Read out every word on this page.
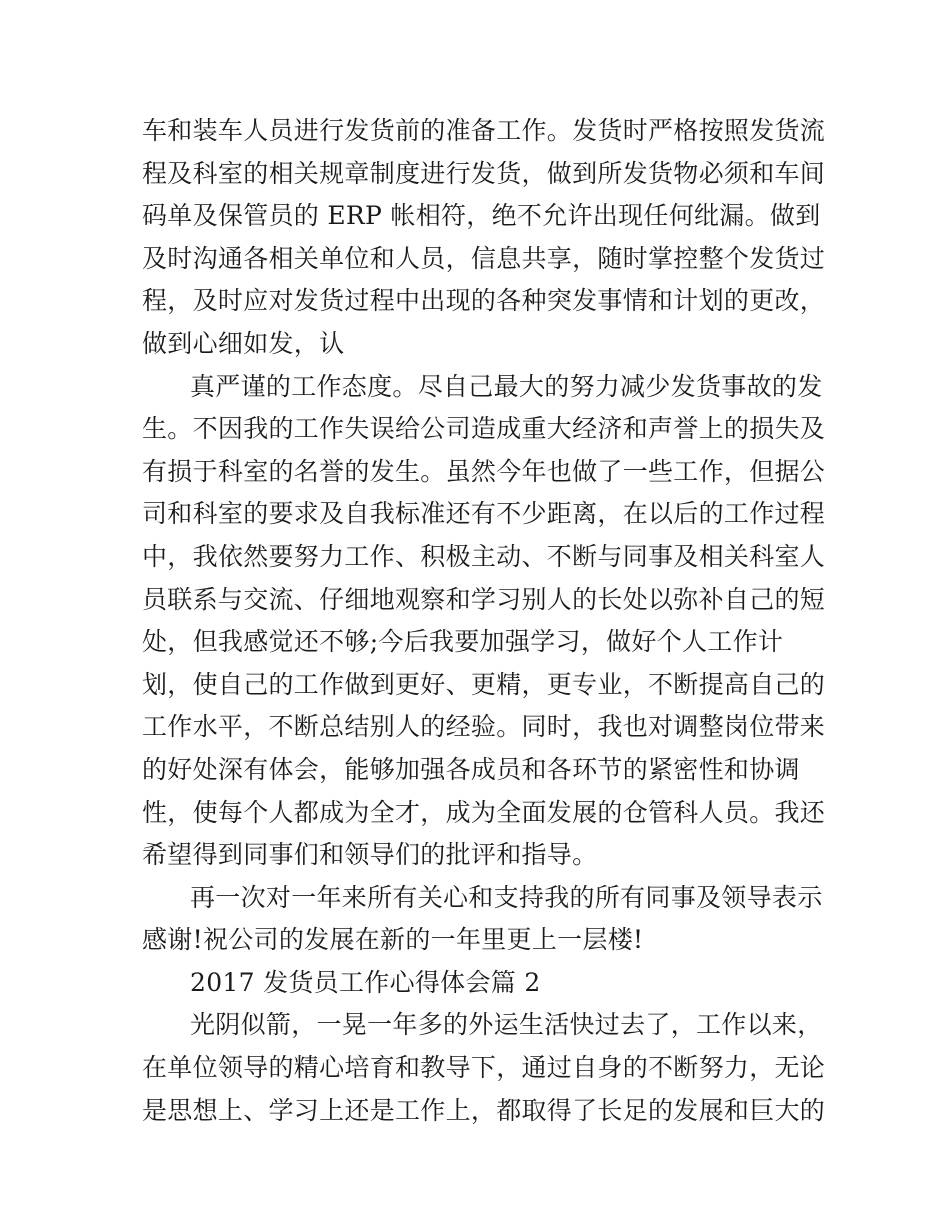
车和装车人员进行发货前的准备工作。发货时严格按照发货流
程及科室的相关规章制度进行发货，做到所发货物必须和车间
码单及保管员的 ERP 帐相符，绝不允许出现任何纰漏。做到
及时沟通各相关单位和人员，信息共享，随时掌控整个发货过
程，及时应对发货过程中出现的各种突发事情和计划的更改，
做到心细如发，认
真严谨的工作态度。尽自己最大的努力减少发货事故的发
生。不因我的工作失误给公司造成重大经济和声誉上的损失及
有损于科室的名誉的发生。虽然今年也做了一些工作，但据公
司和科室的要求及自我标准还有不少距离，在以后的工作过程
中，我依然要努力工作、积极主动、不断与同事及相关科室人
员联系与交流、仔细地观察和学习别人的长处以弥补自己的短
处，但我感觉还不够;今后我要加强学习，做好个人工作计
划，使自己的工作做到更好、更精，更专业，不断提高自己的
工作水平，不断总结别人的经验。同时，我也对调整岗位带来
的好处深有体会，能够加强各成员和各环节的紧密性和协调
性，使每个人都成为全才，成为全面发展的仓管科人员。我还
希望得到同事们和领导们的批评和指导。
再一次对一年来所有关心和支持我的所有同事及领导表示
感谢!祝公司的发展在新的一年里更上一层楼!
2017 发货员工作心得体会篇 2
光阴似箭，一晃一年多的外运生活快过去了，工作以来，
在单位领导的精心培育和教导下，通过自身的不断努力，无论
是思想上、学习上还是工作上，都取得了长足的发展和巨大的
